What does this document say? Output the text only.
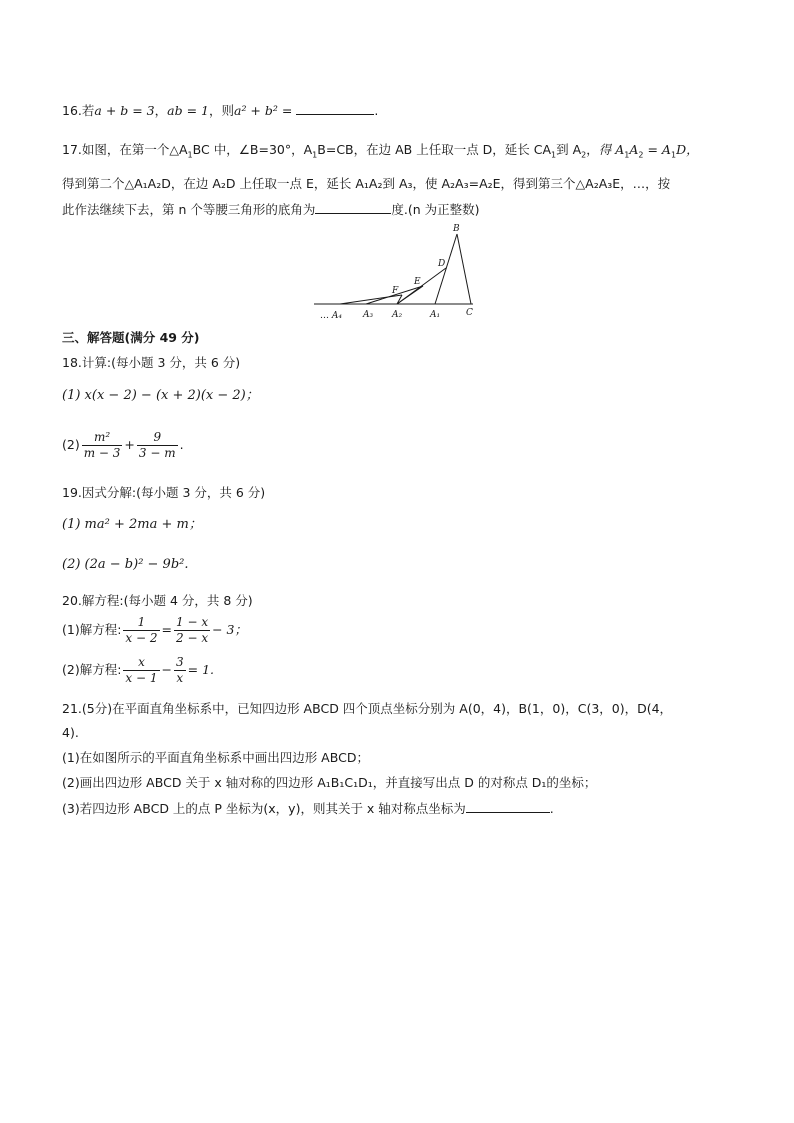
16.若a + b = 3，ab = 1，则a² + b² =	.
17.如图，在第一个$\triangle A_1BC$ 中，∠B=30°，$A_1B=CB$，在边 AB 上任取一点 D，延长 $CA_1$到 $A_2$，得 $A_1A_2 = A_1D$，
得到第二个△A₁A₂D，在边 A₂D 上任取一点 E，延长 A₁A₂到 A₃，使 A₂A₃=A₂E，得到第三个△A₂A₃E，…，按
此作法继续下去，第 n 个等腰三角形的底角为	度.(n 为正整数)
B
D
E
F
… A₄ A₃ A₂	A₁	C
三、解答题(满分 49 分)
18.计算:(每小题 3 分，共 6 分)
(1) x(x − 2) − (x + 2)(x − 2)；
$(2) \frac{\text{m²}}{m - 3} + \frac{9}{3 - m}$ .
19.因式分解:(每小题 3 分，共 6 分)
(1) ma² + 2ma + m；
(2) (2a − b)² − 9b².
20.解方程:(每小题 4 分，共 8 分)
(1)解方程: $\frac{1}{x - 2} = \frac{1 - x}{2 - x} - 3$；
(2)解方程: $\frac{x}{x - 1} - \frac{3}{x} = 1$.
21.(5分)在平面直角坐标系中，已知四边形 ABCD 四个顶点坐标分别为 A(0，4)，B(1，0)，C(3，0)，D(4，
4).
(1)在如图所示的平面直角坐标系中画出四边形 ABCD；
(2)画出四边形 ABCD 关于 x 轴对称的四边形 A₁B₁C₁D₁，并直接写出点 D 的对称点 D₁的坐标；
(3)若四边形 ABCD 上的点 P 坐标为(x，y)，则其关于 x 轴对称点坐标为	.
